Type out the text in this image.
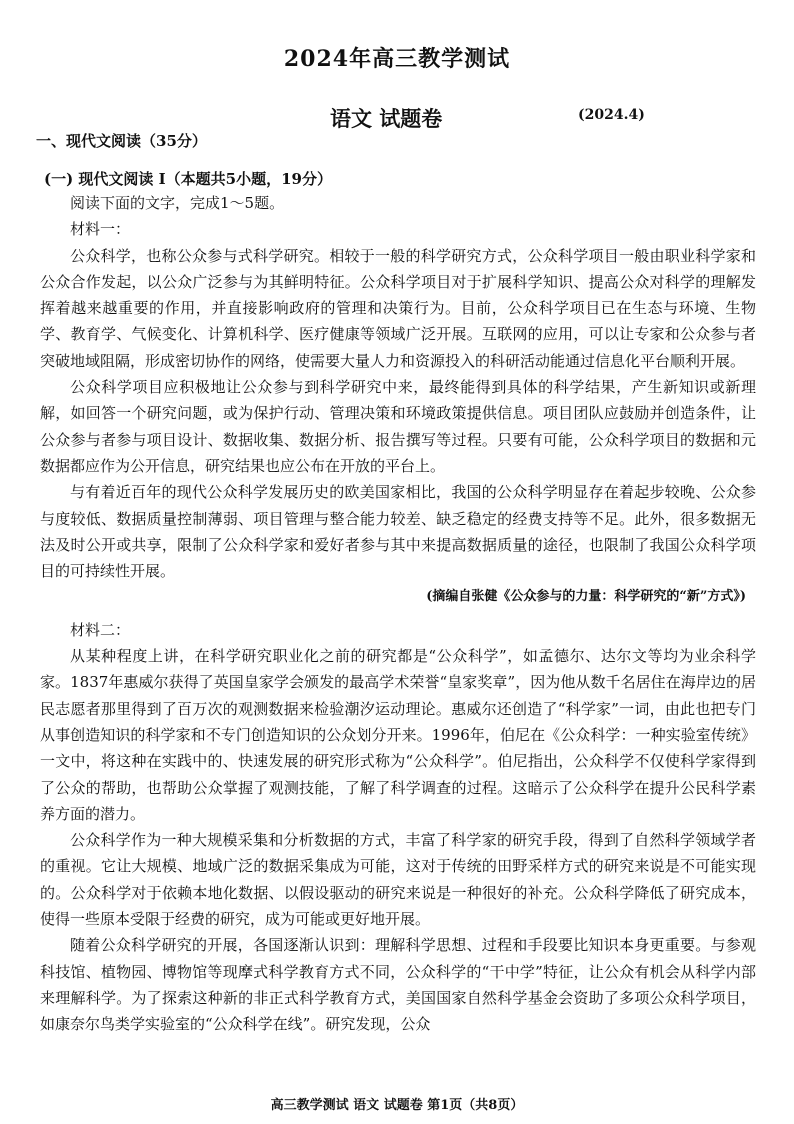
2024年高三教学测试
语文 试题卷	(2024.4)
一、现代文阅读（35分）
(一) 现代文阅读 I（本题共5小题，19分）

阅读下面的文字，完成1～5题。

材料一：

公众科学，也称公众参与式科学研究。相较于一般的科学研究方式，公众科学项目一般由职业科学家和公众合作发起，以公众广泛参与为其鲜明特征。公众科学项目对于扩展科学知识、提高公众对科学的理解发挥着越来越重要的作用，并直接影响政府的管理和决策行为。目前，公众科学项目已在生态与环境、生物学、教育学、气候变化、计算机科学、医疗健康等领域广泛开展。互联网的应用，可以让专家和公众参与者突破地域阻隔，形成密切协作的网络，使需要大量人力和资源投入的科研活动能通过信息化平台顺利开展。

公众科学项目应积极地让公众参与到科学研究中来，最终能得到具体的科学结果，产生新知识或新理解，如回答一个研究问题，或为保护行动、管理决策和环境政策提供信息。项目团队应鼓励并创造条件，让公众参与者参与项目设计、数据收集、数据分析、报告撰写等过程。只要有可能，公众科学项目的数据和元数据都应作为公开信息，研究结果也应公布在开放的平台上。

与有着近百年的现代公众科学发展历史的欧美国家相比，我国的公众科学明显存在着起步较晚、公众参与度较低、数据质量控制薄弱、项目管理与整合能力较差、缺乏稳定的经费支持等不足。此外，很多数据无法及时公开或共享，限制了公众科学家和爱好者参与其中来提高数据质量的途径，也限制了我国公众科学项目的可持续性开展。

(摘编自张健《公众参与的力量：科学研究的“新”方式》)

材料二：

从某种程度上讲，在科学研究职业化之前的研究都是“公众科学”，如孟德尔、达尔文等均为业余科学家。1837年惠威尔获得了英国皇家学会颁发的最高学术荣誉“皇家奖章”，因为他从数千名居住在海岸边的居民志愿者那里得到了百万次的观测数据来检验潮汐运动理论。惠威尔还创造了“科学家”一词，由此也把专门从事创造知识的科学家和不专门创造知识的公众划分开来。1996年，伯尼在《公众科学：一种实验室传统》一文中，将这种在实践中的、快速发展的研究形式称为“公众科学”。伯尼指出，公众科学不仅使科学家得到了公众的帮助，也帮助公众掌握了观测技能，了解了科学调查的过程。这暗示了公众科学在提升公民科学素养方面的潜力。

公众科学作为一种大规模采集和分析数据的方式，丰富了科学家的研究手段，得到了自然科学领域学者的重视。它让大规模、地域广泛的数据采集成为可能，这对于传统的田野采样方式的研究来说是不可能实现的。公众科学对于依赖本地化数据、以假设驱动的研究来说是一种很好的补充。公众科学降低了研究成本，使得一些原本受限于经费的研究，成为可能或更好地开展。

随着公众科学研究的开展，各国逐渐认识到：理解科学思想、过程和手段要比知识本身更重要。与参观科技馆、植物园、博物馆等现摩式科学教育方式不同，公众科学的“干中学”特征，让公众有机会从科学内部来理解科学。为了探索这种新的非正式科学教育方式，美国国家自然科学基金会资助了多项公众科学项目，如康奈尔鸟类学实验室的“公众科学在线”。研究发现，公众

高三教学测试 语文 试题卷 第1页（共8页）
